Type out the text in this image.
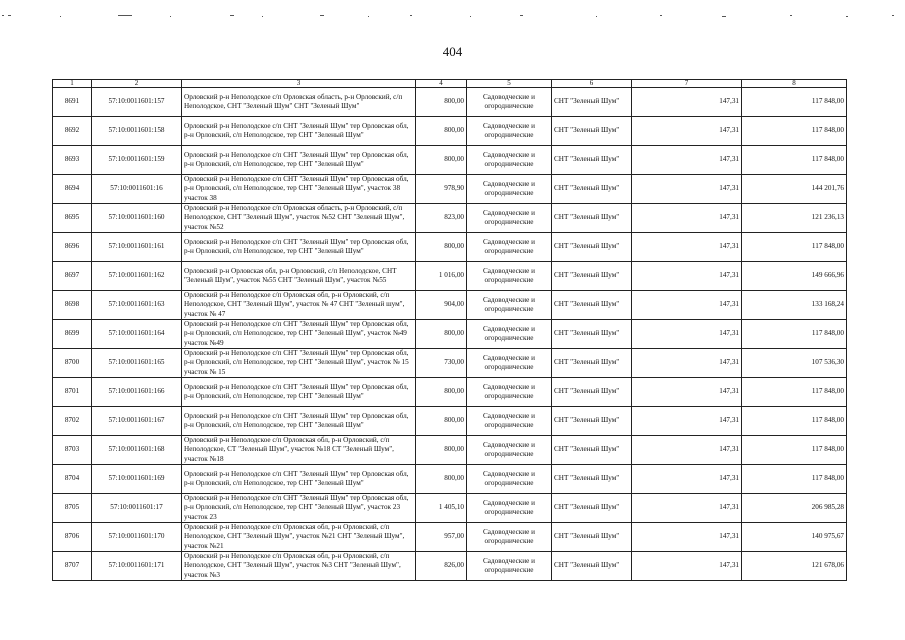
404
1	2	3	4	5	6	7	8
8691	57:10:0011601:157	Орловский р-н Неполодское с/п Орловская область, р-н Орловский, с/п Неполодское, СНТ "Зеленый Шум" СНТ "Зеленый Шум"	800,00	Садоводческие и огороднические	СНТ "Зеленый Шум"	147,31	117 848,00
8692	57:10:0011601:158	Орловский р-н Неполодское с/п СНТ "Зеленый Шум" тер Орловская обл, р-н Орловский, с/п Неполодское, тер СНТ "Зеленый Шум"	800,00	Садоводческие и огороднические	СНТ "Зеленый Шум"	147,31	117 848,00
8693	57:10:0011601:159	Орловский р-н Неполодское с/п СНТ "Зеленый Шум" тер Орловская обл, р-н Орловский, с/п Неполодское, тер СНТ "Зеленый Шум"	800,00	Садоводческие и огороднические	СНТ "Зеленый Шум"	147,31	117 848,00
8694	57:10:0011601:16	Орловский р-н Неполодское с/п СНТ "Зеленый Шум" тер Орловская обл, р-н Орловский, с/п Неполодское, тер СНТ "Зеленый Шум", участок 38 участок 38	978,90	Садоводческие и огороднические	СНТ "Зеленый Шум"	147,31	144 201,76
8695	57:10:0011601:160	Орловский р-н Неполодское с/п Орловская область, р-н Орловский, с/п Неполодское, СНТ "Зеленый Шум", участок №52 СНТ "Зеленый Шум", участок №52	823,00	Садоводческие и огороднические	СНТ "Зеленый Шум"	147,31	121 236,13
8696	57:10:0011601:161	Орловский р-н Неполодское с/п СНТ "Зеленый Шум" тер Орловская обл, р-н Орловский, с/п Неполодское, тер СНТ "Зеленый Шум"	800,00	Садоводческие и огороднические	СНТ "Зеленый Шум"	147,31	117 848,00
8697	57:10:0011601:162	Орловский р-н Орловская обл, р-н Орловский, с/п Неполодское, СНТ "Зеленый Шум", участок №55 СНТ "Зеленый Шум", участок №55	1 016,00	Садоводческие и огороднические	СНТ "Зеленый Шум"	147,31	149 666,96
8698	57:10:0011601:163	Орловский р-н Неполодское с/п Орловская обл, р-н Орловский, с/п Неполодское, СНТ "Зеленый Шум", участок № 47 СНТ "Зеленый шум", участок № 47	904,00	Садоводческие и огороднические	СНТ "Зеленый Шум"	147,31	133 168,24
8699	57:10:0011601:164	Орловский р-н Неполодское с/п СНТ "Зеленый Шум" тер Орловская обл, р-н Орловский, с/п Неполодское, тер СНТ "Зеленый Шум", участок №49 участок №49	800,00	Садоводческие и огороднические	СНТ "Зеленый Шум"	147,31	117 848,00
8700	57:10:0011601:165	Орловский р-н Неполодское с/п СНТ "Зеленый Шум" тер Орловская обл, р-н Орловский, с/п Неполодское, тер СНТ "Зеленый Шум", участок № 15 участок № 15	730,00	Садоводческие и огороднические	СНТ "Зеленый Шум"	147,31	107 536,30
8701	57:10:0011601:166	Орловский р-н Неполодское с/п СНТ "Зеленый Шум" тер Орловская обл, р-н Орловский, с/п Неполодское, тер СНТ "Зеленый Шум"	800,00	Садоводческие и огороднические	СНТ "Зеленый Шум"	147,31	117 848,00
8702	57:10:0011601:167	Орловский р-н Неполодское с/п СНТ "Зеленый Шум" тер Орловская обл, р-н Орловский, с/п Неполодское, тер СНТ "Зеленый Шум"	800,00	Садоводческие и огороднические	СНТ "Зеленый Шум"	147,31	117 848,00
8703	57:10:0011601:168	Орловский р-н Неполодское с/п Орловская обл, р-н Орловский, с/п Неполодское, СТ "Зеленый Шум", участок №18 СТ "Зеленый Шум", участок №18	800,00	Садоводческие и огороднические	СНТ "Зеленый Шум"	147,31	117 848,00
8704	57:10:0011601:169	Орловский р-н Неполодское с/п СНТ "Зеленый Шум" тер Орловская обл, р-н Орловский, с/п Неполодское, тер СНТ "Зеленый Шум"	800,00	Садоводческие и огороднические	СНТ "Зеленый Шум"	147,31	117 848,00
8705	57:10:0011601:17	Орловский р-н Неполодское с/п СНТ "Зеленый Шум" тер Орловская обл, р-н Орловский, с/п Неполодское, тер СНТ "Зеленый Шум", участок 23 участок 23	1 405,10	Садоводческие и огороднические	СНТ "Зеленый Шум"	147,31	206 985,28
8706	57:10:0011601:170	Орловский р-н Неполодское с/п Орловская обл, р-н Орловский, с/п Неполодское, СНТ "Зеленый Шум", участок №21 СНТ "Зеленый Шум", участок №21	957,00	Садоводческие и огороднические	СНТ "Зеленый Шум"	147,31	140 975,67
8707	57:10:0011601:171	Орловский р-н Неполодское с/п Орловская обл, р-н Орловский, с/п Неполодское, СНТ "Зеленый Шум", участок №3 СНТ "Зеленый Шум", участок №3	826,00	Садоводческие и огороднические	СНТ "Зеленый Шум"	147,31	121 678,06
